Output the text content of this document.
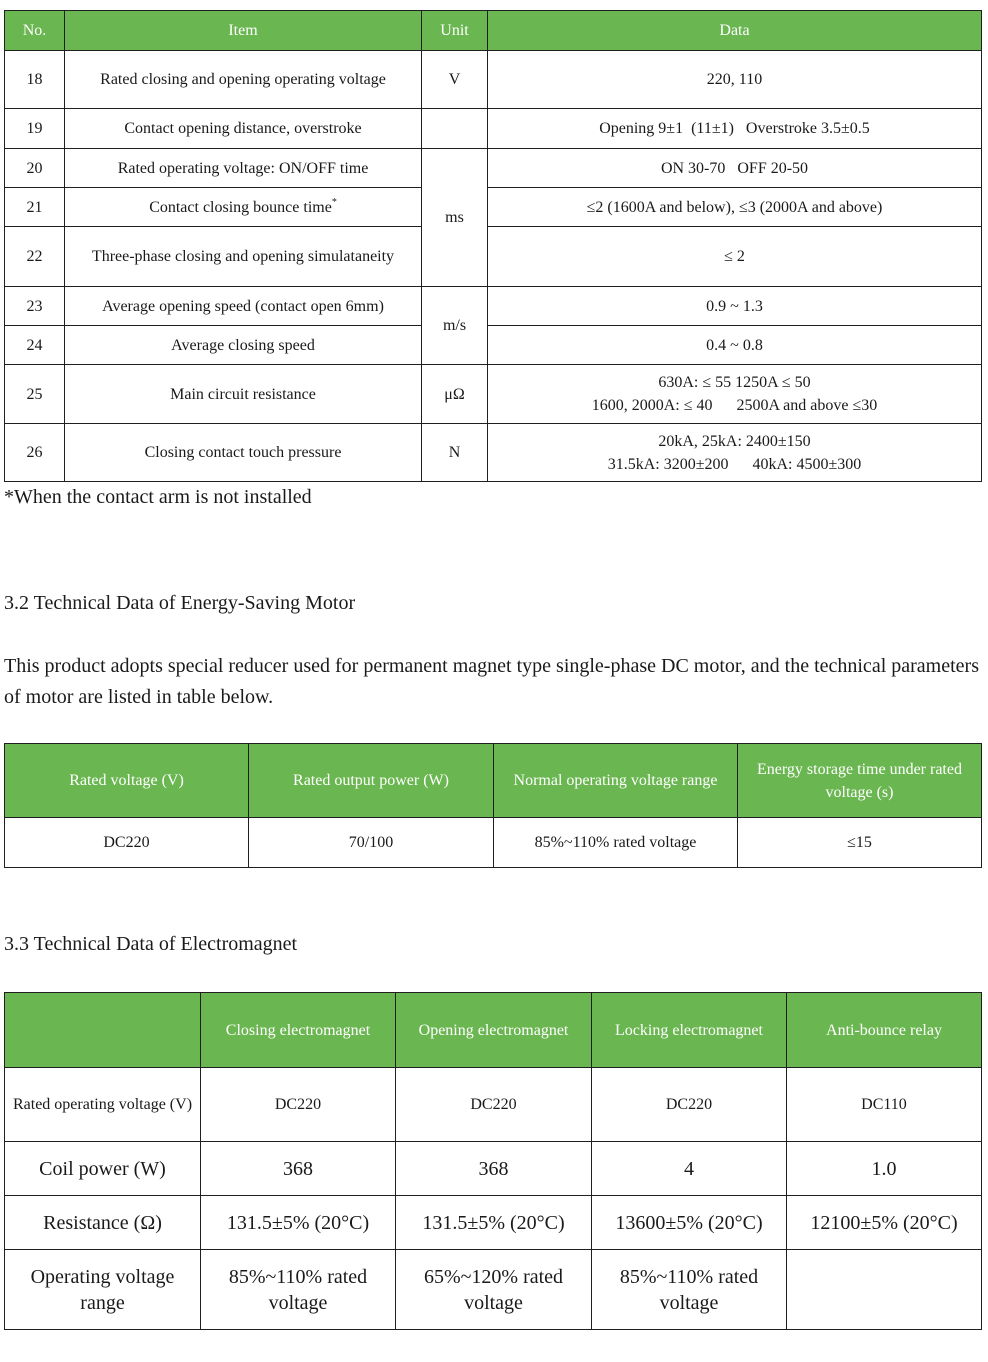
No.	Item	Unit	Data
18	Rated closing and opening operating voltage	V	220, 110
19	Contact opening distance, overstroke		Opening 9±1  (11±1)   Overstroke 3.5±0.5
20	Rated operating voltage: ON/OFF time	ms	ON 30-70   OFF 20-50
21	Contact closing bounce time*		≤2 (1600A and below), ≤3 (2000A and above)
22	Three-phase closing and opening simulataneity		≤ 2
23	Average opening speed (contact open 6mm)	m/s	0.9 ~ 1.3
24	Average closing speed		0.4 ~ 0.8
25	Main circuit resistance	μΩ	630A: ≤ 55 1250A ≤ 50
1600, 2000A: ≤ 40      2500A and above ≤30

26	Closing contact touch pressure	N	20kA, 25kA: 2400±150
31.5kA: 3200±200      40kA: 4500±300
*When the contact arm is not installed
3.2 Technical Data of Energy-Saving Motor
This product adopts special reducer used for permanent magnet type single-phase DC motor, and the technical parameters of motor are listed in table below.
Rated voltage (V)	Rated output power (W)	Normal operating voltage range	Energy storage time under rated voltage (s)
DC220	70/100	85%~110% rated voltage	≤15
3.3 Technical Data of Electromagnet
	Closing electromagnet	Opening electromagnet	Locking electromagnet	Anti-bounce relay
Rated operating voltage (V)	DC220	DC220	DC220	DC110
Coil power (W)	368	368	4	1.0
Resistance (Ω)	131.5±5% (20°C)	131.5±5% (20°C)	13600±5% (20°C)	12100±5% (20°C)
Operating voltage range	85%~110% rated voltage	65%~120% rated voltage	85%~110% rated voltage	
